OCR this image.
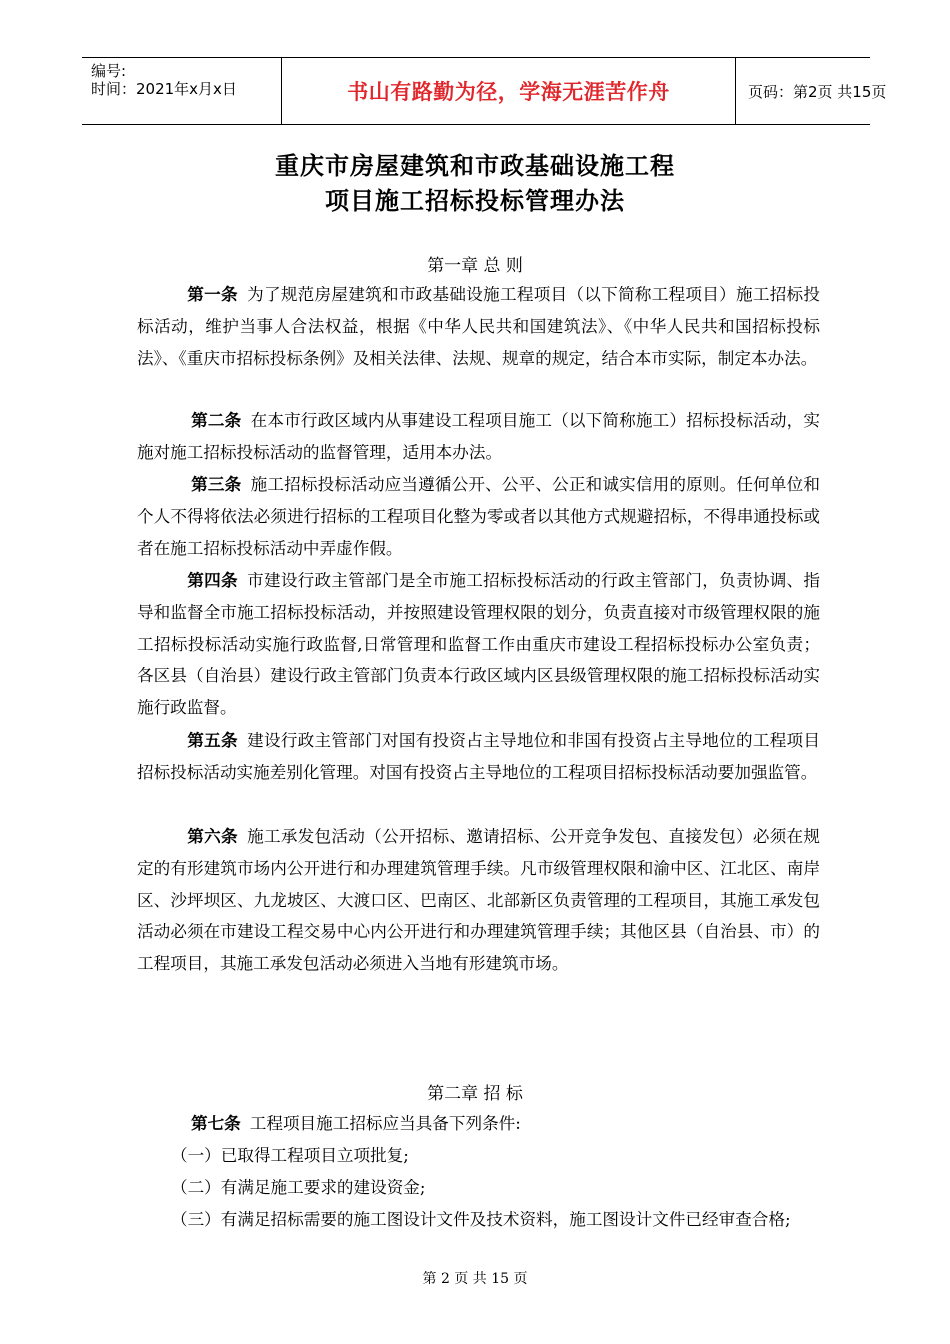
编号:
时间：2021年x月x日	书山有路勤为径，学海无涯苦作舟	页码：第2页 共15页
重庆市房屋建筑和市政基础设施工程
项目施工招标投标管理办法
第一章 总 则
第一条 为了规范房屋建筑和市政基础设施工程项目（以下简称工程项目）施工招标投标活动，维护当事人合法权益，根据《中华人民共和国建筑法》、《中华人民共和国招标投标法》、《重庆市招标投标条例》及相关法律、法规、规章的规定，结合本市实际，制定本办法。
第二条 在本市行政区域内从事建设工程项目施工（以下简称施工）招标投标活动，实施对施工招标投标活动的监督管理，适用本办法。
第三条 施工招标投标活动应当遵循公开、公平、公正和诚实信用的原则。任何单位和个人不得将依法必须进行招标的工程项目化整为零或者以其他方式规避招标，不得串通投标或者在施工招标投标活动中弄虚作假。
第四条 市建设行政主管部门是全市施工招标投标活动的行政主管部门，负责协调、指导和监督全市施工招标投标活动，并按照建设管理权限的划分，负责直接对市级管理权限的施工招标投标活动实施行政监督,日常管理和监督工作由重庆市建设工程招标投标办公室负责；各区县（自治县）建设行政主管部门负责本行政区域内区县级管理权限的施工招标投标活动实施行政监督。
第五条 建设行政主管部门对国有投资占主导地位和非国有投资占主导地位的工程项目招标投标活动实施差别化管理。对国有投资占主导地位的工程项目招标投标活动要加强监管。
第六条 施工承发包活动（公开招标、邀请招标、公开竞争发包、直接发包）必须在规定的有形建筑市场内公开进行和办理建筑管理手续。凡市级管理权限和渝中区、江北区、南岸区、沙坪坝区、九龙坡区、大渡口区、巴南区、北部新区负责管理的工程项目，其施工承发包活动必须在市建设工程交易中心内公开进行和办理建筑管理手续；其他区县（自治县、市）的工程项目，其施工承发包活动必须进入当地有形建筑市场。
第二章 招 标
第七条 工程项目施工招标应当具备下列条件:
（一）已取得工程项目立项批复;
（二）有满足施工要求的建设资金;
（三）有满足招标需要的施工图设计文件及技术资料，施工图设计文件已经审查合格;
第 2 页 共 15 页
